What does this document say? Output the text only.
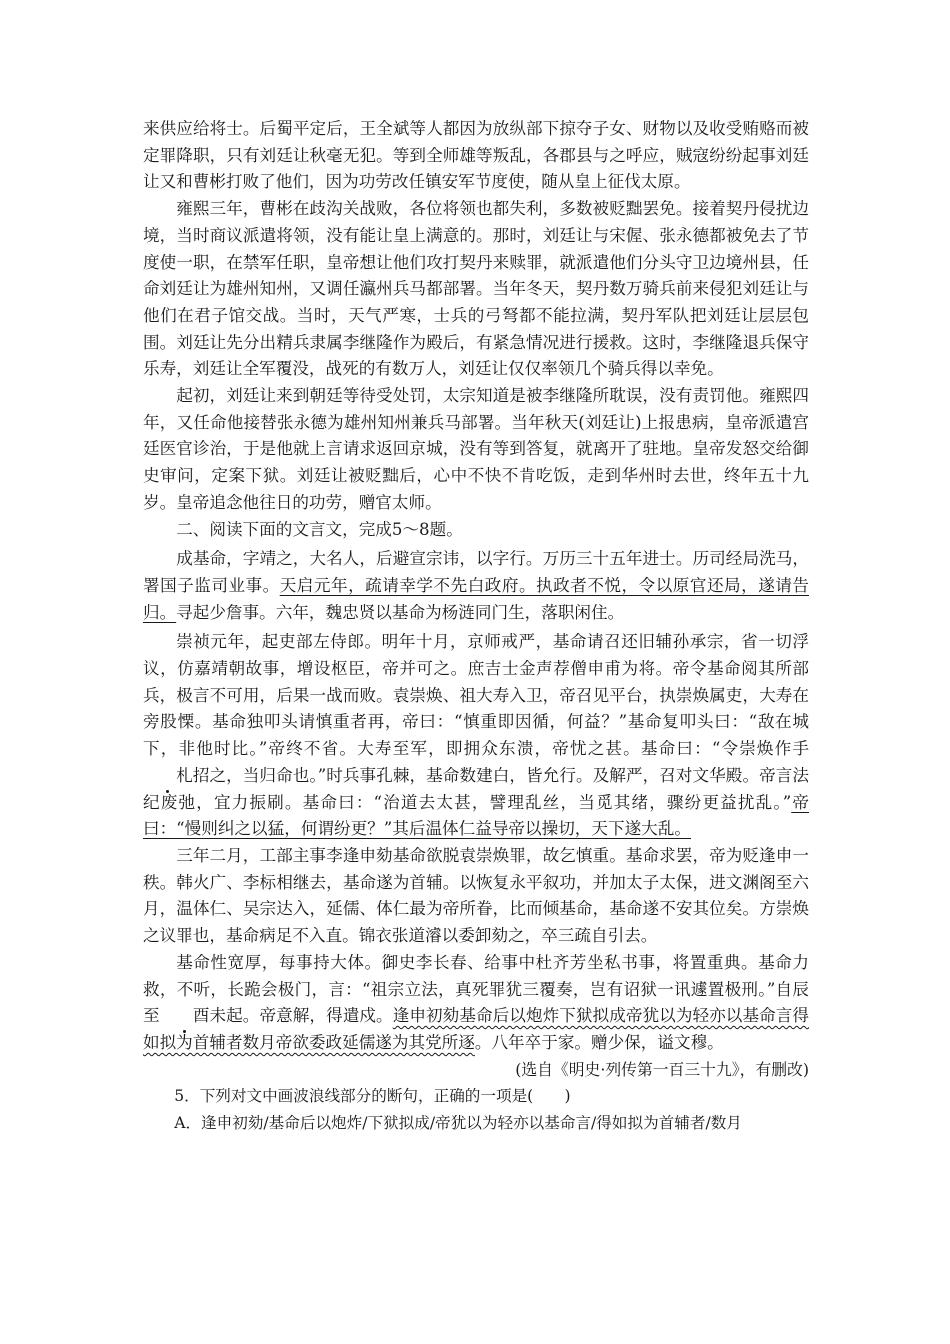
来供应给将士。后蜀平定后，王全斌等人都因为放纵部下掠夺子女、财物以及收受贿赂而被定罪降职，只有刘廷让秋毫无犯。等到全师雄等叛乱，各郡县与之呼应，贼寇纷纷起事刘廷让又和曹彬打败了他们，因为功劳改任镇安军节度使，随从皇上征伐太原。

雍熙三年，曹彬在歧沟关战败，各位将领也都失利，多数被贬黜罢免。接着契丹侵扰边境，当时商议派遣将领，没有能让皇上满意的。那时，刘廷让与宋偓、张永德都被免去了节度使一职，在禁军任职，皇帝想让他们攻打契丹来赎罪，就派遣他们分头守卫边境州县，任命刘廷让为雄州知州，又调任瀛州兵马都部署。当年冬天，契丹数万骑兵前来侵犯刘廷让与他们在君子馆交战。当时，天气严寒，士兵的弓弩都不能拉满，契丹军队把刘廷让层层包围。刘廷让先分出精兵隶属李继隆作为殿后，有紧急情况进行援救。这时，李继隆退兵保守乐寿，刘廷让全军覆没，战死的有数万人，刘廷让仅仅率领几个骑兵得以幸免。

起初，刘廷让来到朝廷等待受处罚，太宗知道是被李继隆所耽误，没有责罚他。雍熙四年，又任命他接替张永德为雄州知州兼兵马部署。当年秋天(刘廷让)上报患病，皇帝派遣宫廷医官诊治，于是他就上言请求返回京城，没有等到答复，就离开了驻地。皇帝发怒交给御史审问，定案下狱。刘廷让被贬黜后，心中不快不肯吃饭，走到华州时去世，终年五十九岁。皇帝追念他往日的功劳，赠官太师。

二、阅读下面的文言文，完成5～8题。

成基命，字靖之，大名人，后避宣宗讳，以字行。万历三十五年进士。历司经局洗马，署国子监司业事。天启元年，疏请幸学不先白政府。执政者不悦，令以原官还局，遂请告归。寻起少詹事。六年，魏忠贤以基命为杨涟同门生，落职闲住。

崇祯元年，起吏部左侍郎。明年十月，京师戒严，基命请召还旧辅孙承宗，省一切浮议，仿嘉靖朝故事，增设枢臣，帝并可之。庶吉士金声荐僧申甫为将。帝令基命阅其所部兵，极言不可用，后果一战而败。袁崇焕、祖大寿入卫，帝召见平台，执崇焕属吏，大寿在旁股慄。基命独叩头请慎重者再，帝曰：“慎重即因循，何益？”基命复叩头曰：“敌在城下，非他时比。”帝终不省。大寿至军，即拥众东溃，帝忧之甚。基命曰：“令崇焕作手札招之，当归命也。”时兵事孔棘，基命数建白，皆允行。及解严，召对文华殿。帝言法纪废弛，宜力振刷。基命曰：“治道去太甚，譬理乱丝，当觅其绪，骤纷更益扰乱。”帝曰：“慢则纠之以猛，何谓纷更？”其后温体仁益导帝以操切，天下遂大乱。

三年二月，工部主事李逢申劾基命欲脱袁崇焕罪，故乞慎重。基命求罢，帝为贬逢申一秩。韩火广、李标相继去，基命遂为首辅。以恢复永平叙功，并加太子太保，进文渊阁至六月，温体仁、吴宗达入，延儒、体仁最为帝所眷，比而倾基命，基命遂不安其位矣。方崇焕之议罪也，基命病足不入直。锦衣张道濬以委卸劾之，卒三疏自引去。

基命性宽厚，每事持大体。御史李长春、给事中杜齐芳坐私书事，将置重典。基命力救，不听，长跪会极门，言：“祖宗立法，真死罪犹三覆奏，岂有诏狱一讯遽置极刑。”自辰至 酉未起。帝意解，得遣戍。逢申初劾基命后以炮炸下狱拟成帝犹以为轻亦以基命言得如拟为首辅者数月帝欲委政延儒遂为其党所逐。八年卒于家。赠少保，谥文穆。

(选自《明史·列传第一百三十九》，有删改)

5．下列对文中画波浪线部分的断句，正确的一项是(　　)

A．逢申初劾/基命后以炮炸/下狱拟成/帝犹以为轻亦以基命言/得如拟为首辅者/数月
